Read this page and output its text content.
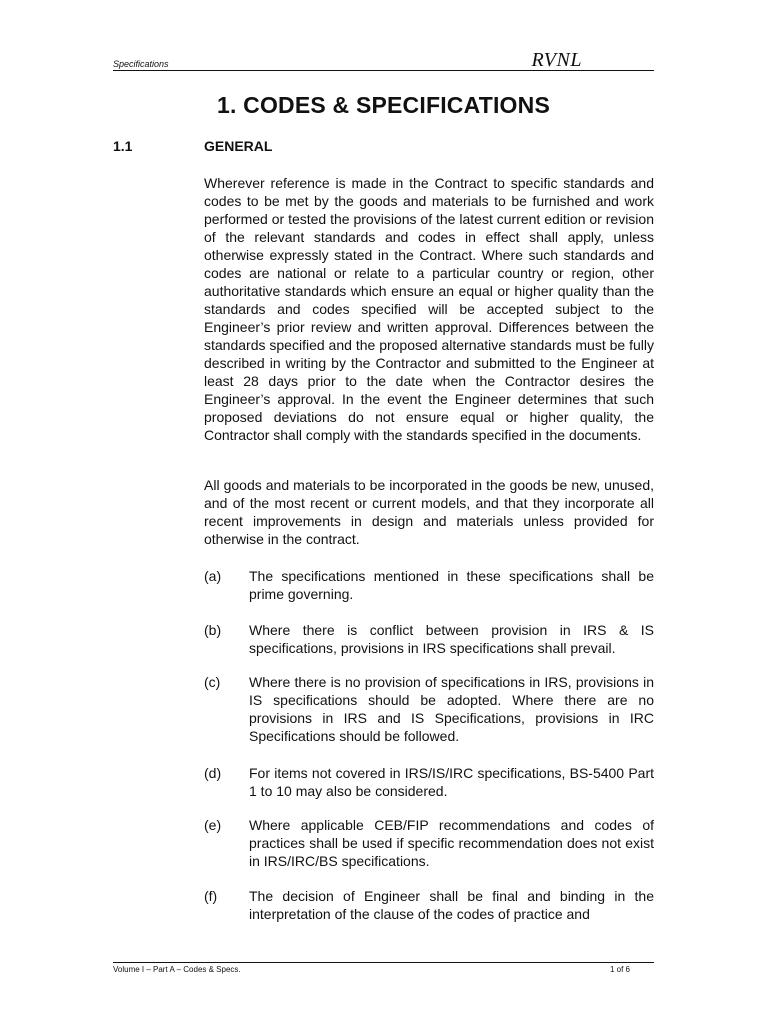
Specifications	RVNL
1. CODES & SPECIFICATIONS
1.1	GENERAL

Wherever reference is made in the Contract to specific standards and codes to be met by the goods and materials to be furnished and work performed or tested the provisions of the latest current edition or revision of the relevant standards and codes in effect shall apply, unless otherwise expressly stated in the Contract. Where such standards and codes are national or relate to a particular country or region, other authoritative standards which ensure an equal or higher quality than the standards and codes specified will be accepted subject to the Engineer’s prior review and written approval. Differences between the standards specified and the proposed alternative standards must be fully described in writing by the Contractor and submitted to the Engineer at least 28 days prior to the date when the Contractor desires the Engineer’s approval. In the event the Engineer determines that such proposed deviations do not ensure equal or higher quality, the Contractor shall comply with the standards specified in the documents.

All goods and materials to be incorporated in the goods be new, unused, and of the most recent or current models, and that they incorporate all recent improvements in design and materials unless provided for otherwise in the contract.

(a) The specifications mentioned in these specifications shall be prime governing.
(b) Where there is conflict between provision in IRS & IS specifications, provisions in IRS specifications shall prevail.
(c) Where there is no provision of specifications in IRS, provisions in IS specifications should be adopted. Where there are no provisions in IRS and IS Specifications, provisions in IRC Specifications should be followed.
(d) For items not covered in IRS/IS/IRC specifications, BS-5400 Part 1 to 10 may also be considered.
(e) Where applicable CEB/FIP recommendations and codes of practices shall be used if specific recommendation does not exist in IRS/IRC/BS specifications.
(f) The decision of Engineer shall be final and binding in the interpretation of the clause of the codes of practice and
Volume I – Part A – Codes & Specs.	1 of 6
